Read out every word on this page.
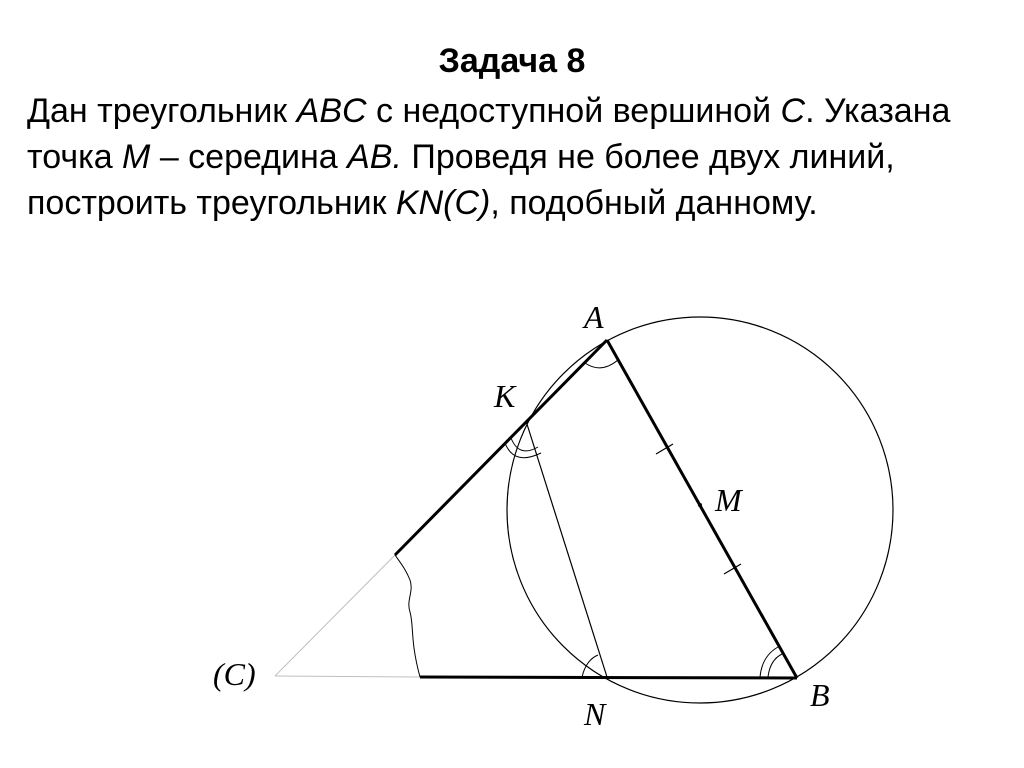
Задача 8

Дан треугольник ABC с недоступной вершиной C. Указана точка M – середина AB. Проведя не более двух линий, построить треугольник KN(C), подобный данному.

A
K
M
(C)
N
B
